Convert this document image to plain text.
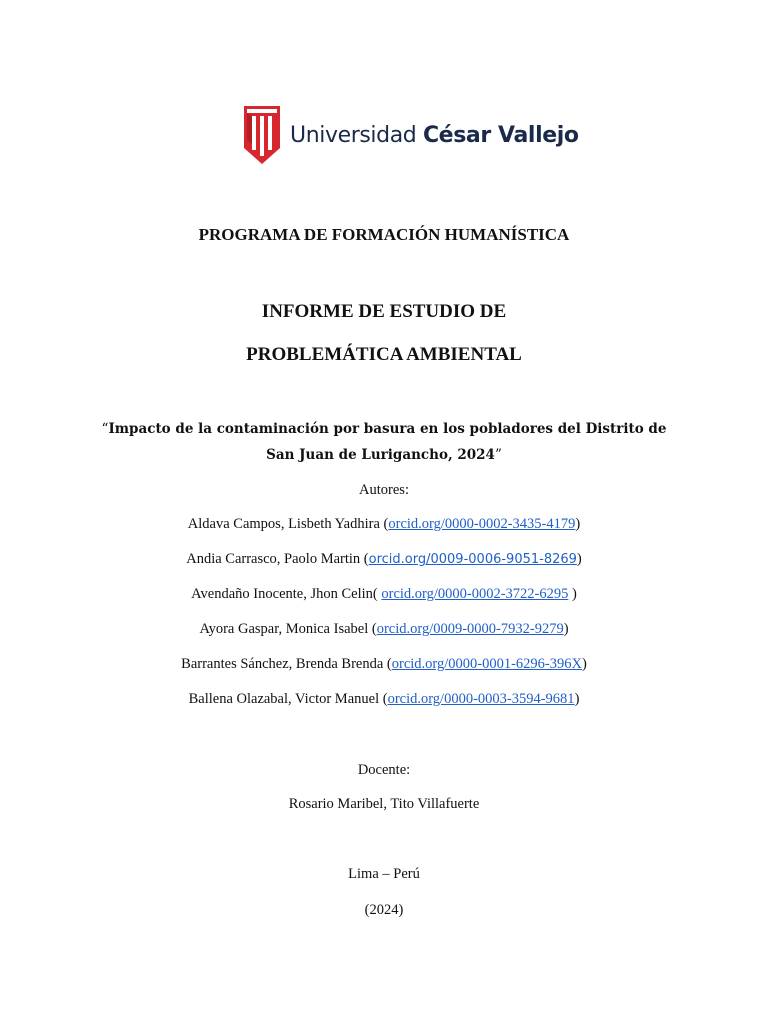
Universidad César Vallejo
PROGRAMA DE FORMACIÓN HUMANÍSTICA
INFORME DE ESTUDIO DE
PROBLEMÁTICA AMBIENTAL
“Impacto de la contaminación por basura en los pobladores del Distrito de
San Juan de Lurigancho, 2024”
Autores:
Aldava Campos, Lisbeth Yadhira (orcid.org/0000-0002-3435-4179)
Andia Carrasco, Paolo Martin (orcid.org/0009-0006-9051-8269)
Avendaño Inocente, Jhon Celin( orcid.org/0000-0002-3722-6295 )
Ayora Gaspar, Monica Isabel (orcid.org/0009-0000-7932-9279)
Barrantes Sánchez, Brenda Brenda (orcid.org/0000-0001-6296-396X)
Ballena Olazabal, Victor Manuel (orcid.org/0000-0003-3594-9681)
Docente:
Rosario Maribel, Tito Villafuerte
Lima – Perú
(2024)
